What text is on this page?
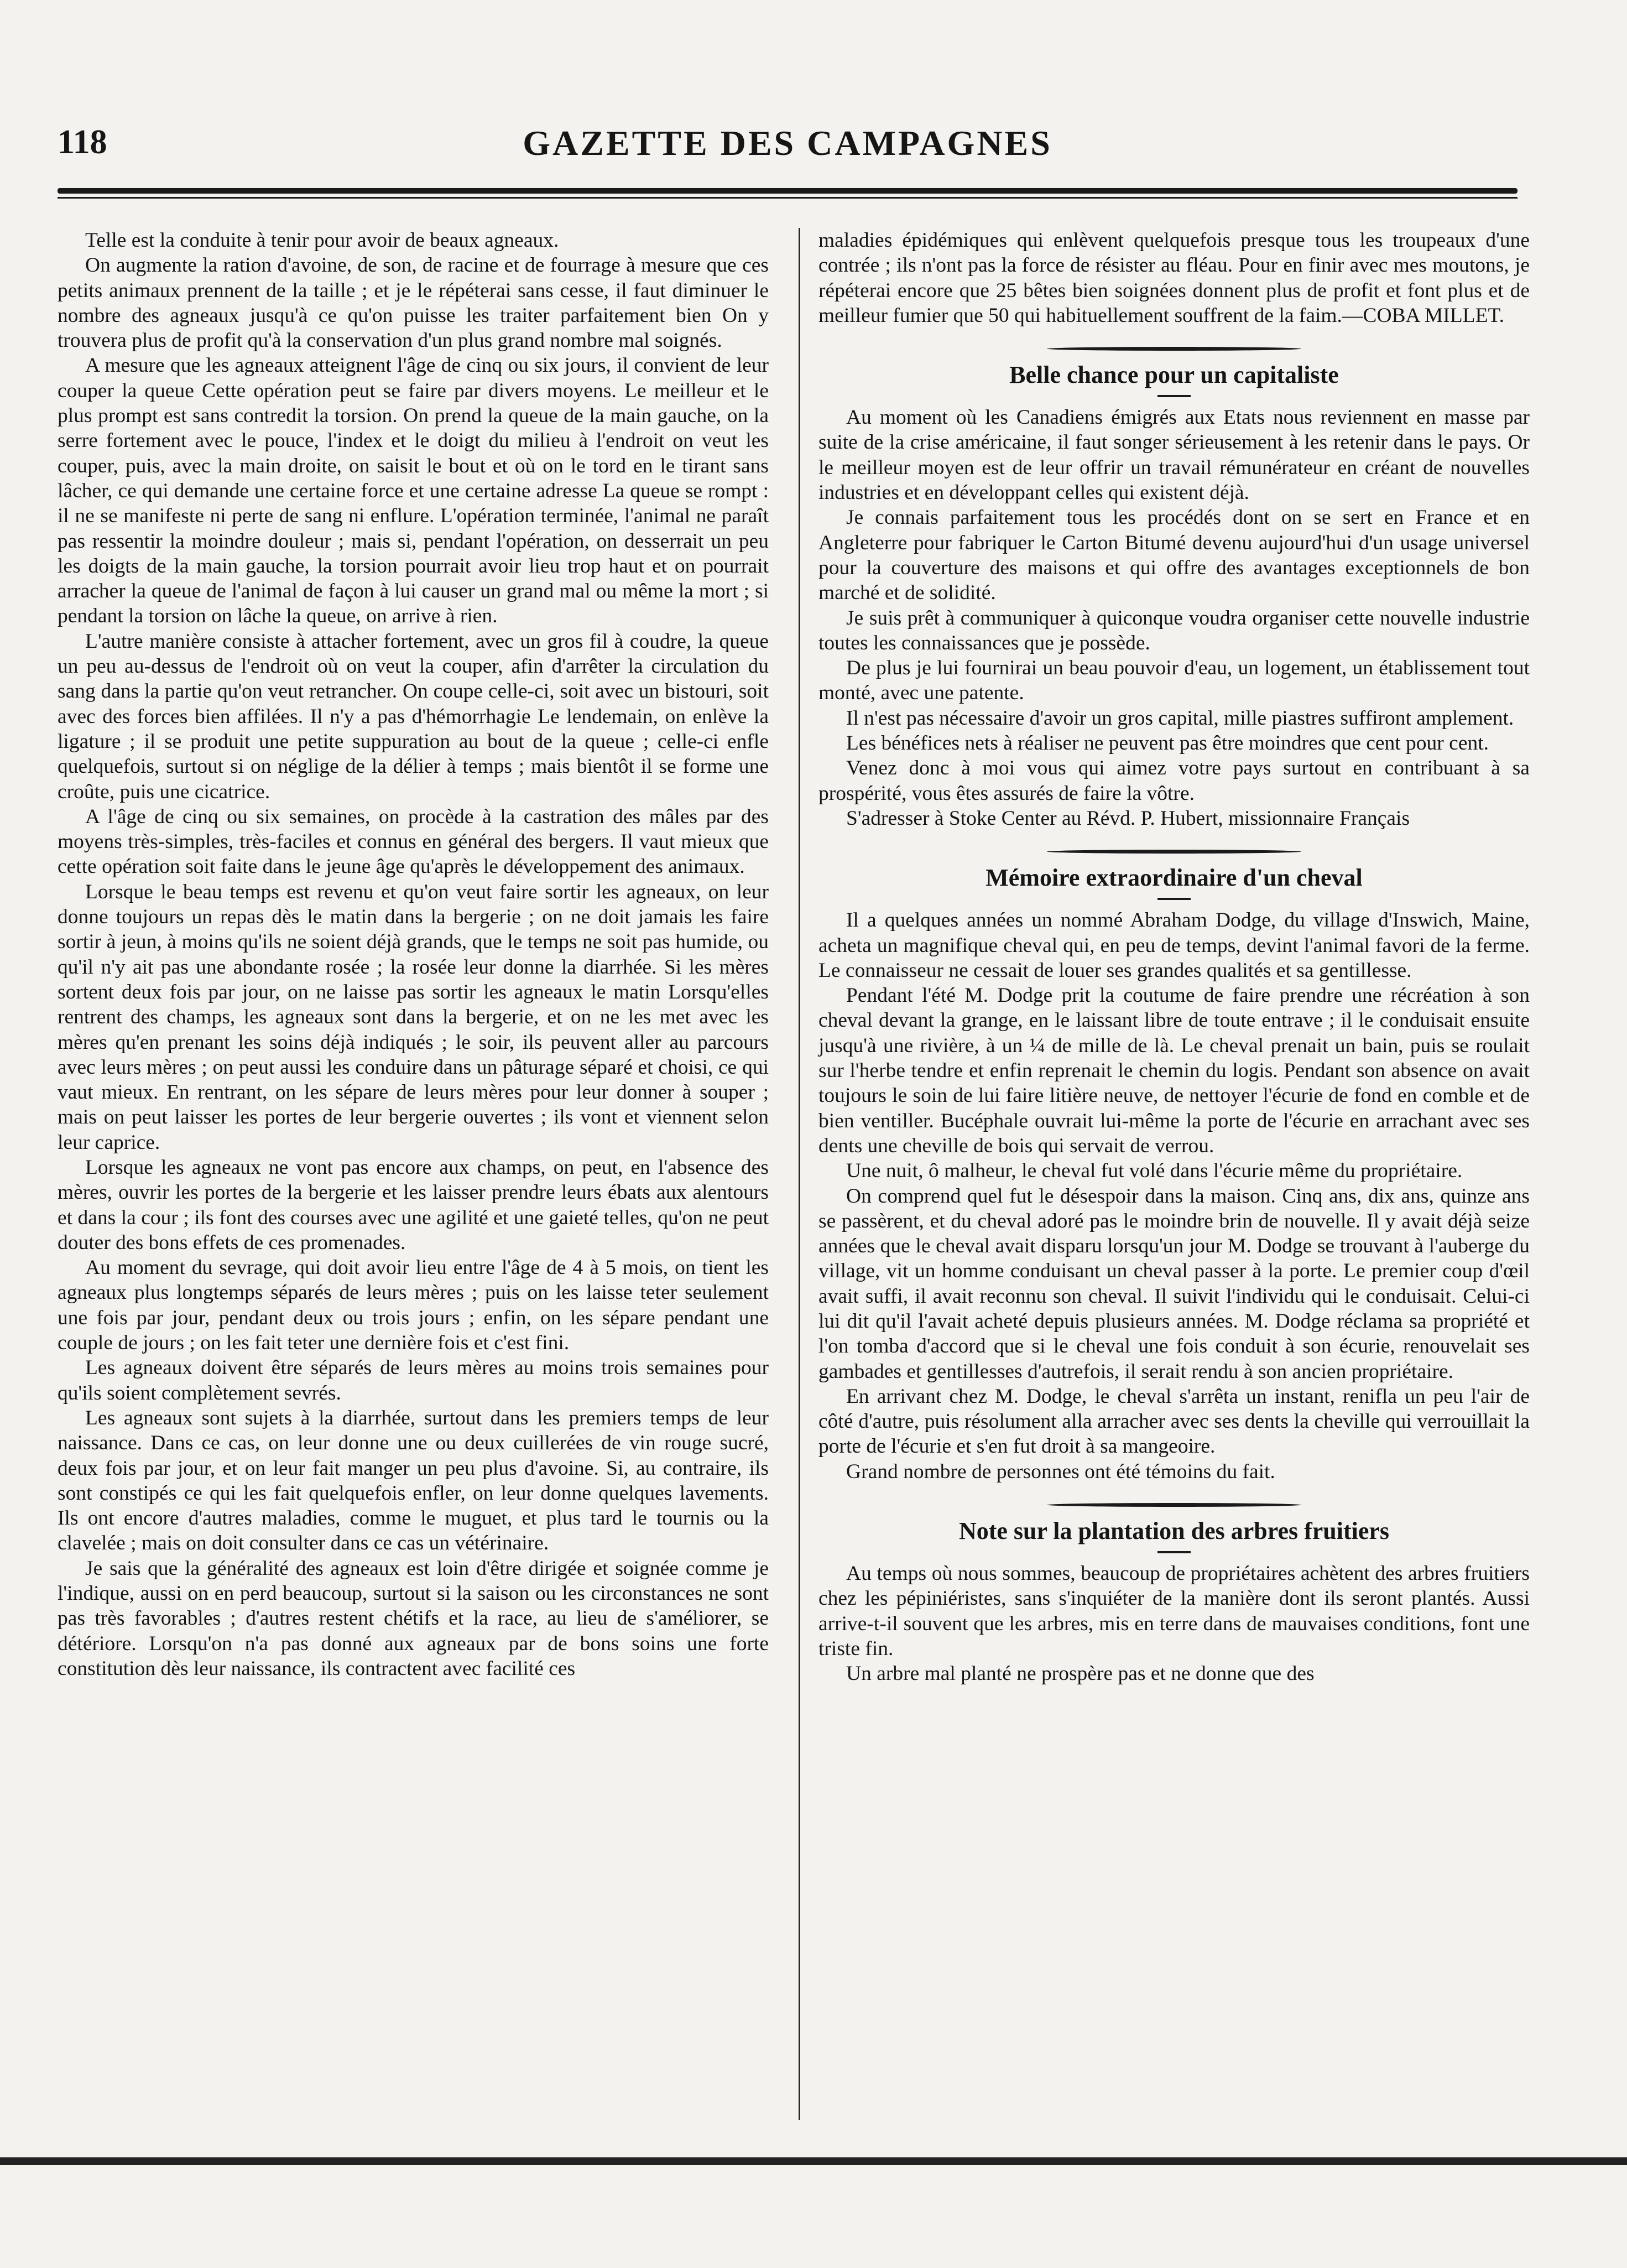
118	GAZETTE DES CAMPAGNES

Telle est la conduite à tenir pour avoir de beaux agneaux.

On augmente la ration d'avoine, de son, de racine et de fourrage à mesure que ces petits animaux prennent de la taille ; et je le répéterai sans cesse, il faut diminuer le nombre des agneaux jusqu'à ce qu'on puisse les traiter parfaitement bien On y trouvera plus de profit qu'à la conservation d'un plus grand nombre mal soignés.

A mesure que les agneaux atteignent l'âge de cinq ou six jours, il convient de leur couper la queue Cette opération peut se faire par divers moyens. Le meilleur et le plus prompt est sans contredit la torsion. On prend la queue de la main gauche, on la serre fortement avec le pouce, l'index et le doigt du milieu à l'endroit on veut les couper, puis, avec la main droite, on saisit le bout et où on le tord en le tirant sans lâcher, ce qui demande une certaine force et une certaine adresse La queue se rompt : il ne se manifeste ni perte de sang ni enflure. L'opération terminée, l'animal ne paraît pas ressentir la moindre douleur ; mais si, pendant l'opération, on desserrait un peu les doigts de la main gauche, la torsion pourrait avoir lieu trop haut et on pourrait arracher la queue de l'animal de façon à lui causer un grand mal ou même la mort ; si pendant la torsion on lâche la queue, on arrive à rien.

L'autre manière consiste à attacher fortement, avec un gros fil à coudre, la queue un peu au-dessus de l'endroit où on veut la couper, afin d'arrêter la circulation du sang dans la partie qu'on veut retrancher. On coupe celle-ci, soit avec un bistouri, soit avec des forces bien affilées. Il n'y a pas d'hémorrhagie Le lendemain, on enlève la ligature ; il se produit une petite suppuration au bout de la queue ; celle-ci enfle quelquefois, surtout si on néglige de la délier à temps ; mais bientôt il se forme une croûte, puis une cicatrice.

A l'âge de cinq ou six semaines, on procède à la castration des mâles par des moyens très-simples, très-faciles et connus en général des bergers. Il vaut mieux que cette opération soit faite dans le jeune âge qu'après le développement des animaux.

Lorsque le beau temps est revenu et qu'on veut faire sortir les agneaux, on leur donne toujours un repas dès le matin dans la bergerie ; on ne doit jamais les faire sortir à jeun, à moins qu'ils ne soient déjà grands, que le temps ne soit pas humide, ou qu'il n'y ait pas une abondante rosée ; la rosée leur donne la diarrhée. Si les mères sortent deux fois par jour, on ne laisse pas sortir les agneaux le matin Lorsqu'elles rentrent des champs, les agneaux sont dans la bergerie, et on ne les met avec les mères qu'en prenant les soins déjà indiqués ; le soir, ils peuvent aller au parcours avec leurs mères ; on peut aussi les conduire dans un pâturage séparé et choisi, ce qui vaut mieux. En rentrant, on les sépare de leurs mères pour leur donner à souper ; mais on peut laisser les portes de leur bergerie ouvertes ; ils vont et viennent selon leur caprice.

Lorsque les agneaux ne vont pas encore aux champs, on peut, en l'absence des mères, ouvrir les portes de la bergerie et les laisser prendre leurs ébats aux alentours et dans la cour ; ils font des courses avec une agilité et une gaieté telles, qu'on ne peut douter des bons effets de ces promenades.

Au moment du sevrage, qui doit avoir lieu entre l'âge de 4 à 5 mois, on tient les agneaux plus longtemps séparés de leurs mères ; puis on les laisse teter seulement une fois par jour, pendant deux ou trois jours ; enfin, on les sépare pendant une couple de jours ; on les fait teter une dernière fois et c'est fini.

Les agneaux doivent être séparés de leurs mères au moins trois semaines pour qu'ils soient complètement sevrés.

Les agneaux sont sujets à la diarrhée, surtout dans les premiers temps de leur naissance. Dans ce cas, on leur donne une ou deux cuillerées de vin rouge sucré, deux fois par jour, et on leur fait manger un peu plus d'avoine. Si, au contraire, ils sont constipés ce qui les fait quelquefois enfler, on leur donne quelques lavements. Ils ont encore d'autres maladies, comme le muguet, et plus tard le tournis ou la clavelée ; mais on doit consulter dans ce cas un vétérinaire.

Je sais que la généralité des agneaux est loin d'être dirigée et soignée comme je l'indique, aussi on en perd beaucoup, surtout si la saison ou les circonstances ne sont pas très favorables ; d'autres restent chétifs et la race, au lieu de s'améliorer, se détériore. Lorsqu'on n'a pas donné aux agneaux par de bons soins une forte constitution dès leur naissance, ils contractent avec facilité ces

maladies épidémiques qui enlèvent quelquefois presque tous les troupeaux d'une contrée ; ils n'ont pas la force de résister au fléau. Pour en finir avec mes moutons, je répéterai encore que 25 bêtes bien soignées donnent plus de profit et font plus et de meilleur fumier que 50 qui habituellement souffrent de la faim.—COBA MILLET.

Belle chance pour un capitaliste

Au moment où les Canadiens émigrés aux Etats nous reviennent en masse par suite de la crise américaine, il faut songer sérieusement à les retenir dans le pays. Or le meilleur moyen est de leur offrir un travail rémunérateur en créant de nouvelles industries et en développant celles qui existent déjà.

Je connais parfaitement tous les procédés dont on se sert en France et en Angleterre pour fabriquer le Carton Bitumé devenu aujourd'hui d'un usage universel pour la couverture des maisons et qui offre des avantages exceptionnels de bon marché et de solidité.

Je suis prêt à communiquer à quiconque voudra organiser cette nouvelle industrie toutes les connaissances que je possède.

De plus je lui fournirai un beau pouvoir d'eau, un logement, un établissement tout monté, avec une patente.

Il n'est pas nécessaire d'avoir un gros capital, mille piastres suffiront amplement.

Les bénéfices nets à réaliser ne peuvent pas être moindres que cent pour cent.

Venez donc à moi vous qui aimez votre pays surtout en contribuant à sa prospérité, vous êtes assurés de faire la vôtre.

S'adresser à Stoke Center au Révd. P. Hubert, missionnaire Français

Mémoire extraordinaire d'un cheval

Il a quelques années un nommé Abraham Dodge, du village d'Inswich, Maine, acheta un magnifique cheval qui, en peu de temps, devint l'animal favori de la ferme. Le connaisseur ne cessait de louer ses grandes qualités et sa gentillesse.

Pendant l'été M. Dodge prit la coutume de faire prendre une récréation à son cheval devant la grange, en le laissant libre de toute entrave ; il le conduisait ensuite jusqu'à une rivière, à un ¼ de mille de là. Le cheval prenait un bain, puis se roulait sur l'herbe tendre et enfin reprenait le chemin du logis. Pendant son absence on avait toujours le soin de lui faire litière neuve, de nettoyer l'écurie de fond en comble et de bien ventiller. Bucéphale ouvrait lui-même la porte de l'écurie en arrachant avec ses dents une cheville de bois qui servait de verrou.

Une nuit, ô malheur, le cheval fut volé dans l'écurie même du propriétaire.

On comprend quel fut le désespoir dans la maison. Cinq ans, dix ans, quinze ans se passèrent, et du cheval adoré pas le moindre brin de nouvelle. Il y avait déjà seize années que le cheval avait disparu lorsqu'un jour M. Dodge se trouvant à l'auberge du village, vit un homme conduisant un cheval passer à la porte. Le premier coup d'œil avait suffi, il avait reconnu son cheval. Il suivit l'individu qui le conduisait. Celui-ci lui dit qu'il l'avait acheté depuis plusieurs années. M. Dodge réclama sa propriété et l'on tomba d'accord que si le cheval une fois conduit à son écurie, renouvelait ses gambades et gentillesses d'autrefois, il serait rendu à son ancien propriétaire.

En arrivant chez M. Dodge, le cheval s'arrêta un instant, renifla un peu l'air de côté d'autre, puis résolument alla arracher avec ses dents la cheville qui verrouillait la porte de l'écurie et s'en fut droit à sa mangeoire.

Grand nombre de personnes ont été témoins du fait.

Note sur la plantation des arbres fruitiers

Au temps où nous sommes, beaucoup de propriétaires achètent des arbres fruitiers chez les pépiniéristes, sans s'inquiéter de la manière dont ils seront plantés. Aussi arrive-t-il souvent que les arbres, mis en terre dans de mauvaises conditions, font une triste fin.

Un arbre mal planté ne prospère pas et ne donne que des
